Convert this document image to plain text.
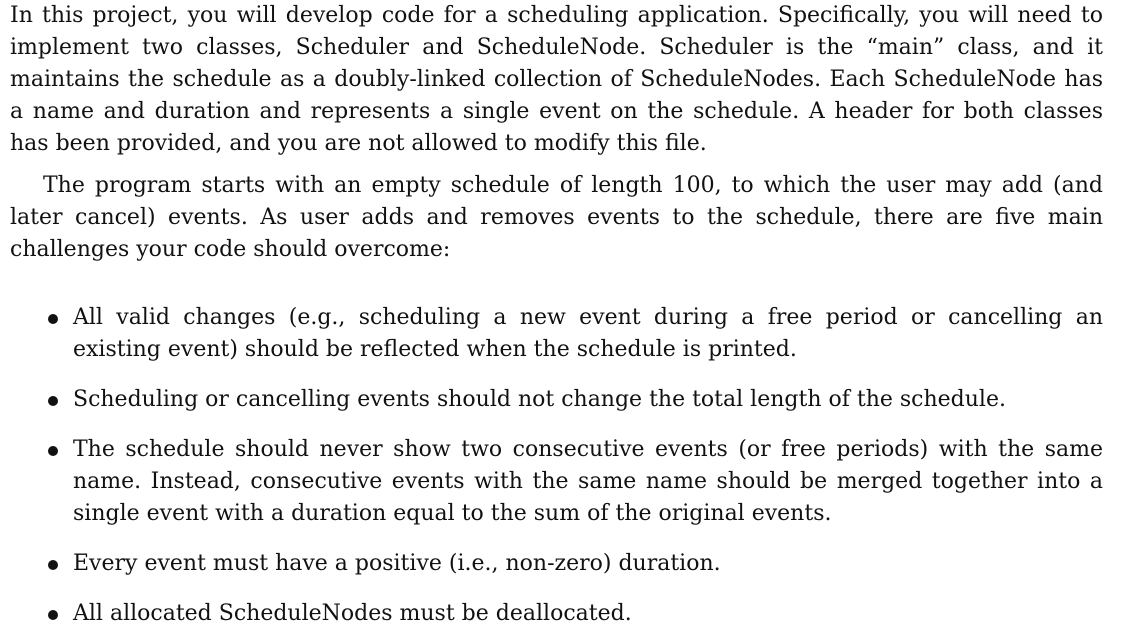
In this project, you will develop code for a scheduling application. Specifically, you will need to implement two classes, Scheduler and ScheduleNode. Scheduler is the “main” class, and it maintains the schedule as a doubly-linked collection of ScheduleNodes. Each ScheduleNode has a name and duration and represents a single event on the schedule. A header for both classes has been provided, and you are not allowed to modify this file.

The program starts with an empty schedule of length 100, to which the user may add (and later cancel) events. As user adds and removes events to the schedule, there are five main challenges your code should overcome:

All valid changes (e.g., scheduling a new event during a free period or cancelling an existing event) should be reflected when the schedule is printed.
Scheduling or cancelling events should not change the total length of the schedule.
The schedule should never show two consecutive events (or free periods) with the same name. Instead, consecutive events with the same name should be merged together into a single event with a duration equal to the sum of the original events.
Every event must have a positive (i.e., non-zero) duration.
All allocated ScheduleNodes must be deallocated.
